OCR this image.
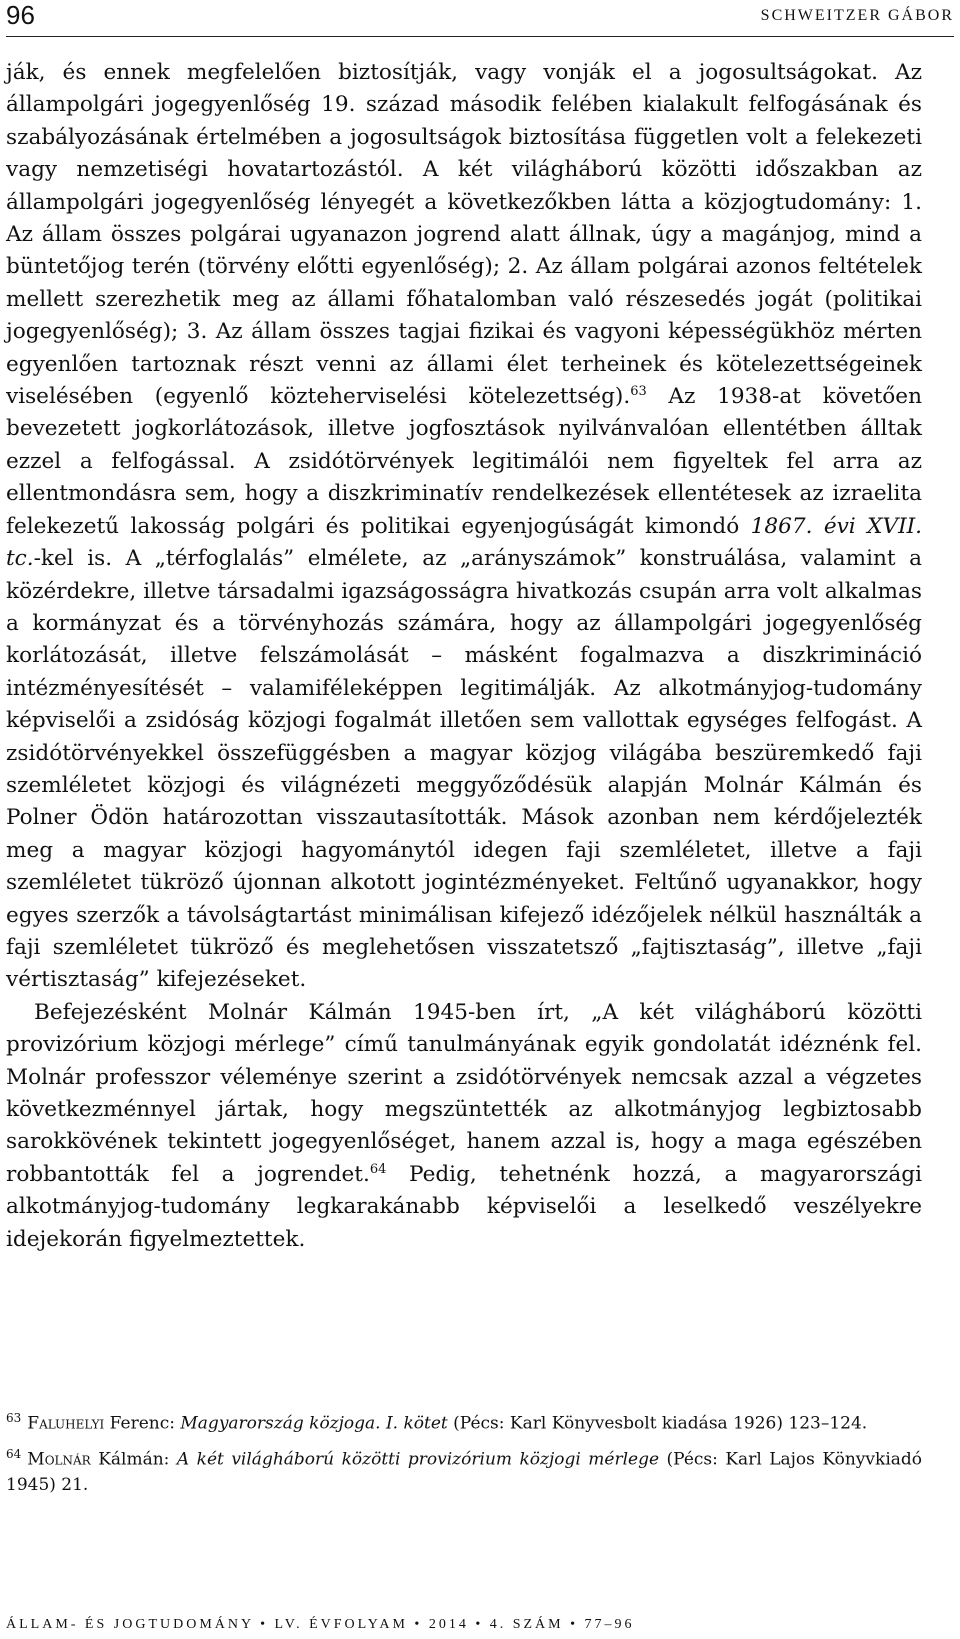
96	SCHWEITZER GÁBOR

ják, és ennek megfelelően biztosítják, vagy vonják el a jogosultságokat. Az állampolgári jogegyenlőség 19. század második felében kialakult felfogásának és szabályozásának értelmében a jogosultságok biztosítása független volt a felekezeti vagy nemzetiségi hovatartozástól. A két világháború közötti időszakban az állampolgári jogegyenlőség lényegét a következőkben látta a közjogtudomány: 1. Az állam összes polgárai ugyanazon jogrend alatt állnak, úgy a magánjog, mind a büntetőjog terén (törvény előtti egyenlőség); 2. Az állam polgárai azonos feltételek mellett szerezhetik meg az állami főhatalomban való részesedés jogát (politikai jogegyenlőség); 3. Az állam összes tagjai fizikai és vagyoni képességükhöz mérten egyenlően tartoznak részt venni az állami élet terheinek és kötelezettségeinek viselésében (egyenlő közteherviselési kötelezettség).$^{63}$ Az 1938-at követően bevezetett jogkorlátozások, illetve jogfosztások nyilvánvalóan ellentétben álltak ezzel a felfogással. A zsidótörvények legitimálói nem figyeltek fel arra az ellentmondásra sem, hogy a diszkriminatív rendelkezések ellentétesek az izraelita felekezetű lakosság polgári és politikai egyenjogúságát kimondó 1867. évi XVII. tc.-kel is. A „térfoglalás” elmélete, az „arányszámok” konstruálása, valamint a közérdekre, illetve társadalmi igazságosságra hivatkozás csupán arra volt alkalmas a kormányzat és a törvényhozás számára, hogy az állampolgári jogegyenlőség korlátozását, illetve felszámolását – másként fogalmazva a diszkrimináció intézményesítését – valamiféleképpen legitimálják. Az alkotmányjog-tudomány képviselői a zsidóság közjogi fogalmát illetően sem vallottak egységes felfogást. A zsidótörvényekkel összefüggésben a magyar közjog világába beszüremkedő faji szemléletet közjogi és világnézeti meggyőződésük alapján Molnár Kálmán és Polner Ödön határozottan visszautasították. Mások azonban nem kérdőjelezték meg a magyar közjogi hagyománytól idegen faji szemléletet, illetve a faji szemléletet tükröző újonnan alkotott jogintézményeket. Feltűnő ugyanakkor, hogy egyes szerzők a távolságtartást minimálisan kifejező idézőjelek nélkül használták a faji szemléletet tükröző és meglehetősen visszatetsző „fajtisztaság”, illetve „faji vértisztaság” kifejezéseket.

Befejezésként Molnár Kálmán 1945-ben írt, „A két világháború közötti provizórium közjogi mérlege” című tanulmányának egyik gondolatát idéznénk fel. Molnár professzor véleménye szerint a zsidótörvények nemcsak azzal a végzetes következménnyel jártak, hogy megszüntették az alkotmányjog legbiztosabb sarokkövének tekintett jogegyenlőséget, hanem azzal is, hogy a maga egészében robbantották fel a jogrendet.$^{64}$ Pedig, tehetnénk hozzá, a magyarországi alkotmányjog-tudomány legkarakánabb képviselői a leselkedő veszélyekre idejekorán figyelmeztettek.

$^{63}$ Faluhelyi Ferenc: Magyarország közjoga. I. kötet (Pécs: Karl Könyvesbolt kiadása 1926) 123–124.

$^{64}$ Molnár Kálmán: A két világháború közötti provizórium közjogi mérlege (Pécs: Karl Lajos Könyvkiadó 1945) 21.

ÁLLAM- ÉS JOGTUDOMÁNY • LV. ÉVFOLYAM • 2014 • 4. SZÁM • 77–96
